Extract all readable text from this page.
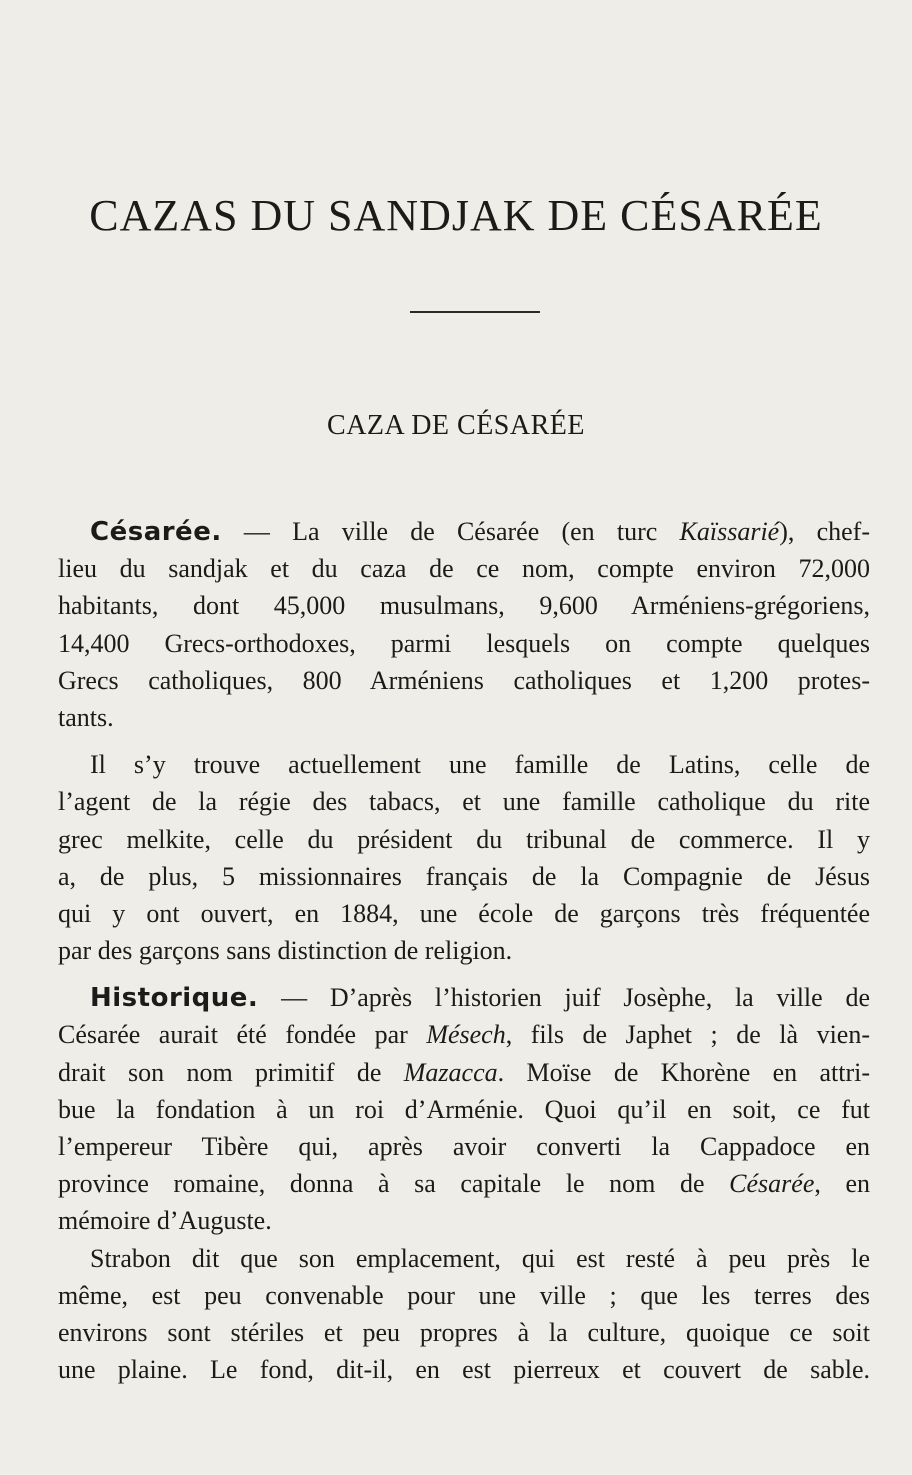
CAZAS DU SANDJAK DE CÉSARÉE
CAZA DE CÉSARÉE
Césarée. — La ville de Césarée (en turc Kaïssarié), chef-
lieu du sandjak et du caza de ce nom, compte environ 72,000
habitants, dont 45,000 musulmans, 9,600 Arméniens-grégoriens,
14,400 Grecs-orthodoxes, parmi lesquels on compte quelques
Grecs catholiques, 800 Arméniens catholiques et 1,200 protes-
tants.
Il s’y trouve actuellement une famille de Latins, celle de
l’agent de la régie des tabacs, et une famille catholique du rite
grec melkite, celle du président du tribunal de commerce. Il y
a, de plus, 5 missionnaires français de la Compagnie de Jésus
qui y ont ouvert, en 1884, une école de garçons très fréquentée
par des garçons sans distinction de religion.
Historique. — D’après l’historien juif Josèphe, la ville de
Césarée aurait été fondée par Mésech, fils de Japhet ; de là vien-
drait son nom primitif de Mazacca. Moïse de Khorène en attri-
bue la fondation à un roi d’Arménie. Quoi qu’il en soit, ce fut
l’empereur Tibère qui, après avoir converti la Cappadoce en
province romaine, donna à sa capitale le nom de Césarée, en
mémoire d’Auguste.
Strabon dit que son emplacement, qui est resté à peu près le
même, est peu convenable pour une ville ; que les terres des
environs sont stériles et peu propres à la culture, quoique ce soit
une plaine. Le fond, dit-il, en est pierreux et couvert de sable.
